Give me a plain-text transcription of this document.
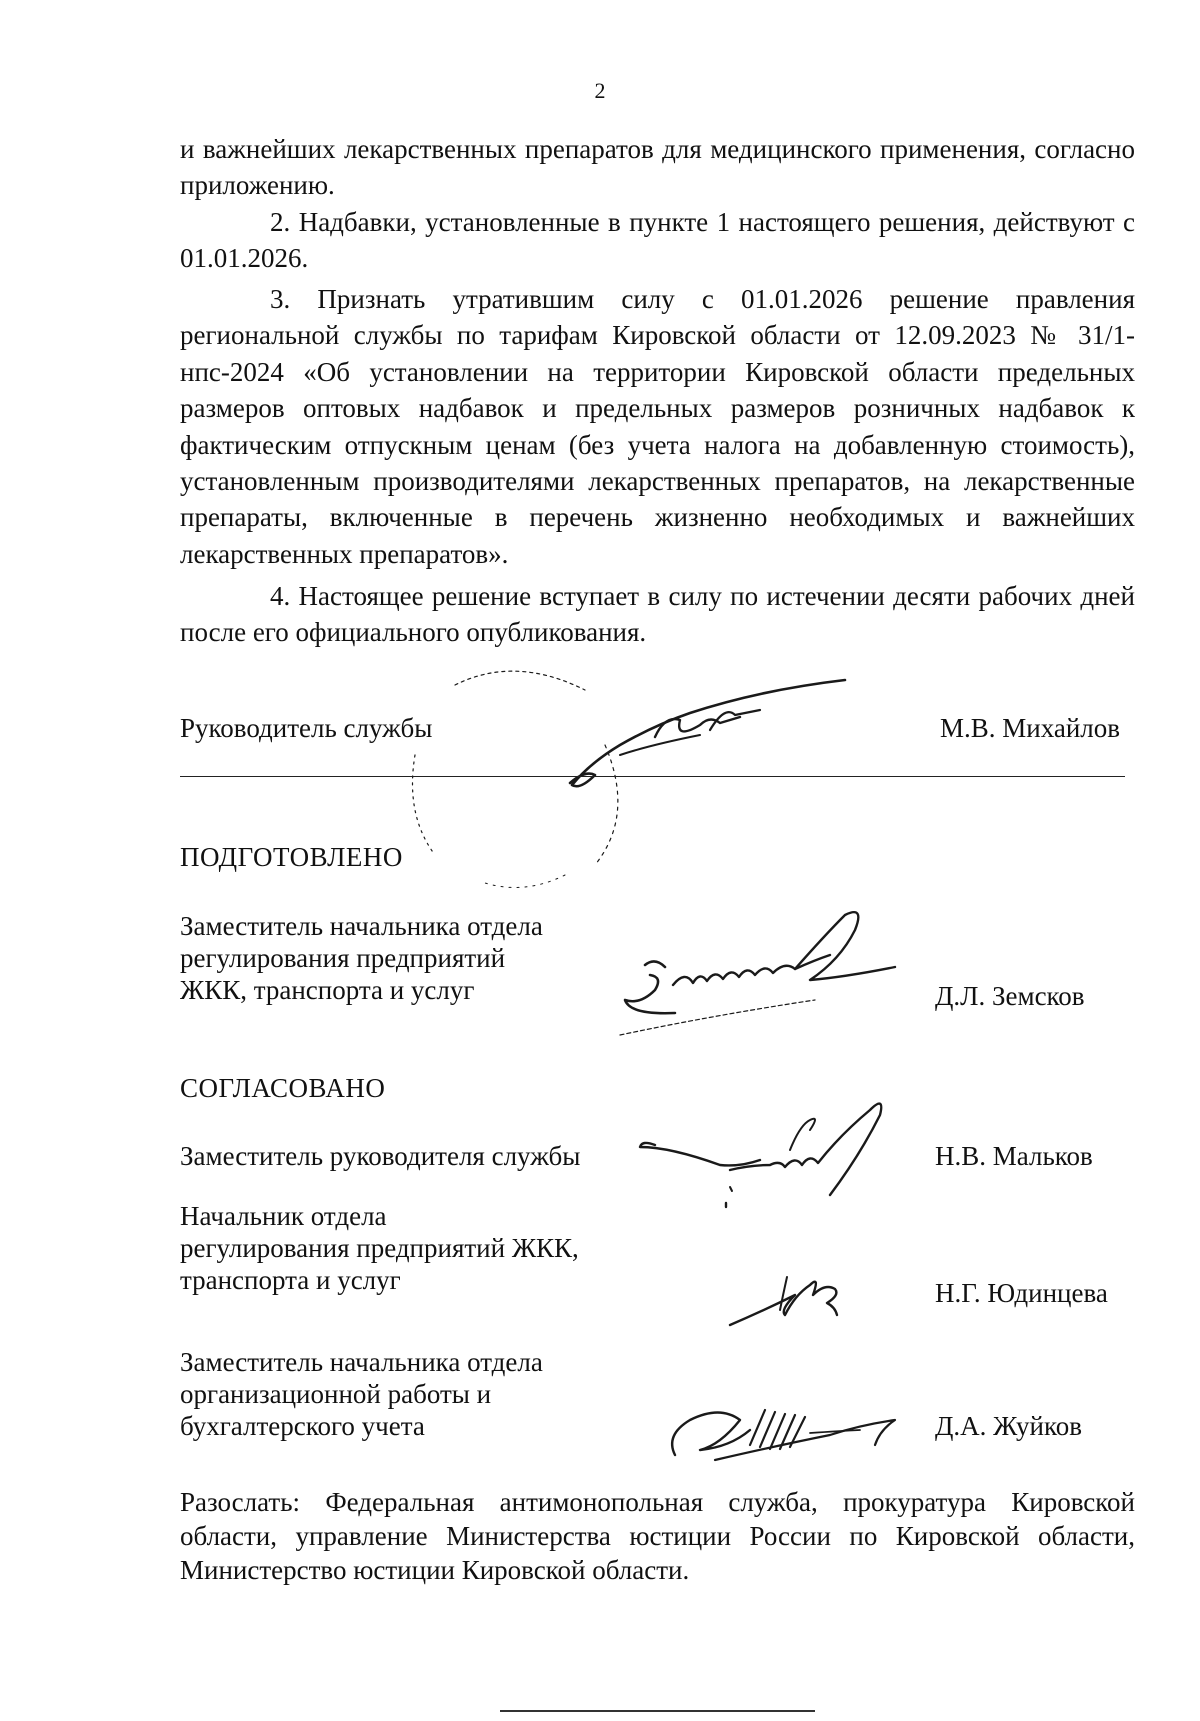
2

и важнейших лекарственных препаратов для медицинского применения, согласно приложению.

2. Надбавки, установленные в пункте 1 настоящего решения, действуют с 01.01.2026.

3. Признать утратившим силу с 01.01.2026 решение правления региональной службы по тарифам Кировской области от 12.09.2023 № 31/1-нпс-2024 «Об установлении на территории Кировской области предельных размеров оптовых надбавок и предельных размеров розничных надбавок к фактическим отпускным ценам (без учета налога на добавленную стоимость), установленным производителями лекарственных препаратов, на лекарственные препараты, включенные в перечень жизненно необходимых и важнейших лекарственных препаратов».

4. Настоящее решение вступает в силу по истечении десяти рабочих дней после его официального опубликования.

Руководитель службы	М.В. Михайлов
ПОДГОТОВЛЕНО
Заместитель начальника отдела
регулирования предприятий
ЖКК, транспорта и услуг	Д.Л. Земсков
СОГЛАСОВАНО
Заместитель руководителя службы	Н.В. Мальков
Начальник отдела
регулирования предприятий ЖКК,
транспорта и услуг	Н.Г. Юдинцева
Заместитель начальника отдела
организационной работы и
бухгалтерского учета	Д.А. Жуйков
Разослать: Федеральная антимонопольная служба, прокуратура Кировской области, управление Министерства юстиции России по Кировской области, Министерство юстиции Кировской области.
